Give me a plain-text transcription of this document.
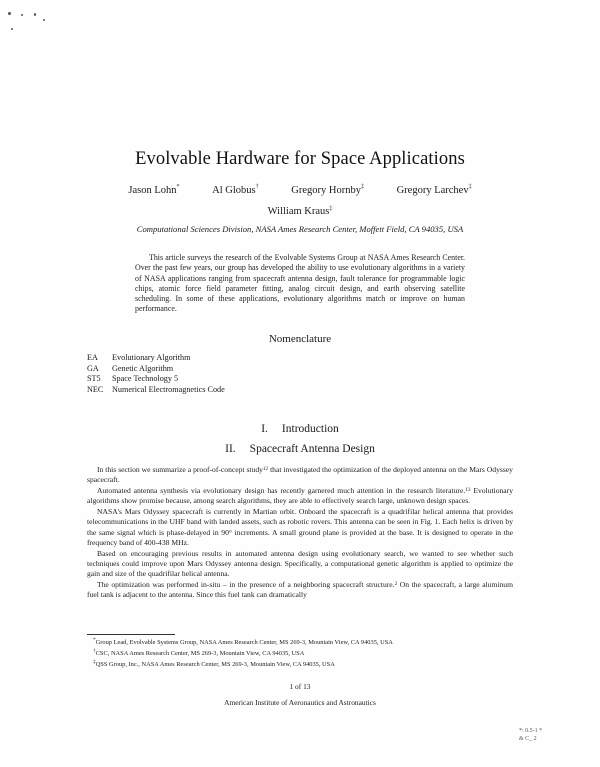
Evolvable Hardware for Space Applications
Jason Lohn*	Al Globus†	Gregory Hornby‡	Gregory Larchev‡
William Kraus‡
Computational Sciences Division, NASA Ames Research Center, Moffett Field, CA 94035, USA
This article surveys the research of the Evolvable Systems Group at NASA Ames Research Center. Over the past few years, our group has developed the ability to use evolutionary algorithms in a variety of NASA applications ranging from spacecraft antenna design, fault tolerance for programmable logic chips, atomic force field parameter fitting, analog circuit design, and earth observing satellite scheduling. In some of these applications, evolutionary algorithms match or improve on human performance.
Nomenclature
EA Evolutionary Algorithm
GA Genetic Algorithm
ST5 Space Technology 5
NEC Numerical Electromagnetics Code
I. Introduction
II. Spacecraft Antenna Design

In this section we summarize a proof-of-concept study$^{12}$ that investigated the optimization of the deployed antenna on the Mars Odyssey spacecraft.

Automated antenna synthesis via evolutionary design has recently garnered much attention in the research literature.$^{13}$ Evolutionary algorithms show promise because, among search algorithms, they are able to effectively search large, unknown design spaces.

NASA's Mars Odyssey spacecraft is currently in Martian orbit. Onboard the spacecraft is a quadrifilar helical antenna that provides telecommunications in the UHF band with landed assets, such as robotic rovers. This antenna can be seen in Fig. 1. Each helix is driven by the same signal which is phase-delayed in 90° increments. A small ground plane is provided at the base. It is designed to operate in the frequency band of 400-438 MHz.

Based on encouraging previous results in automated antenna design using evolutionary search, we wanted to see whether such techniques could improve upon Mars Odyssey antenna design. Specifically, a computational genetic algorithm is applied to optimize the gain and size of the quadrifilar helical antenna.

The optimization was performed in-situ – in the presence of a neighboring spacecraft structure.$^2$ On the spacecraft, a large aluminum fuel tank is adjacent to the antenna. Since this fuel tank can dramatically

*Group Lead, Evolvable Systems Group, NASA Ames Research Center, MS 269-3, Mountain View, CA 94035, USA
†CSC, NASA Ames Research Center, MS 269-3, Mountain View, CA 94035, USA
‡QSS Group, Inc., NASA Ames Research Center, MS 269-3, Mountain View, CA 94035, USA
1 of 13
American Institute of Aeronautics and Astronautics
*: 0.5-1 *
& C_ 2
